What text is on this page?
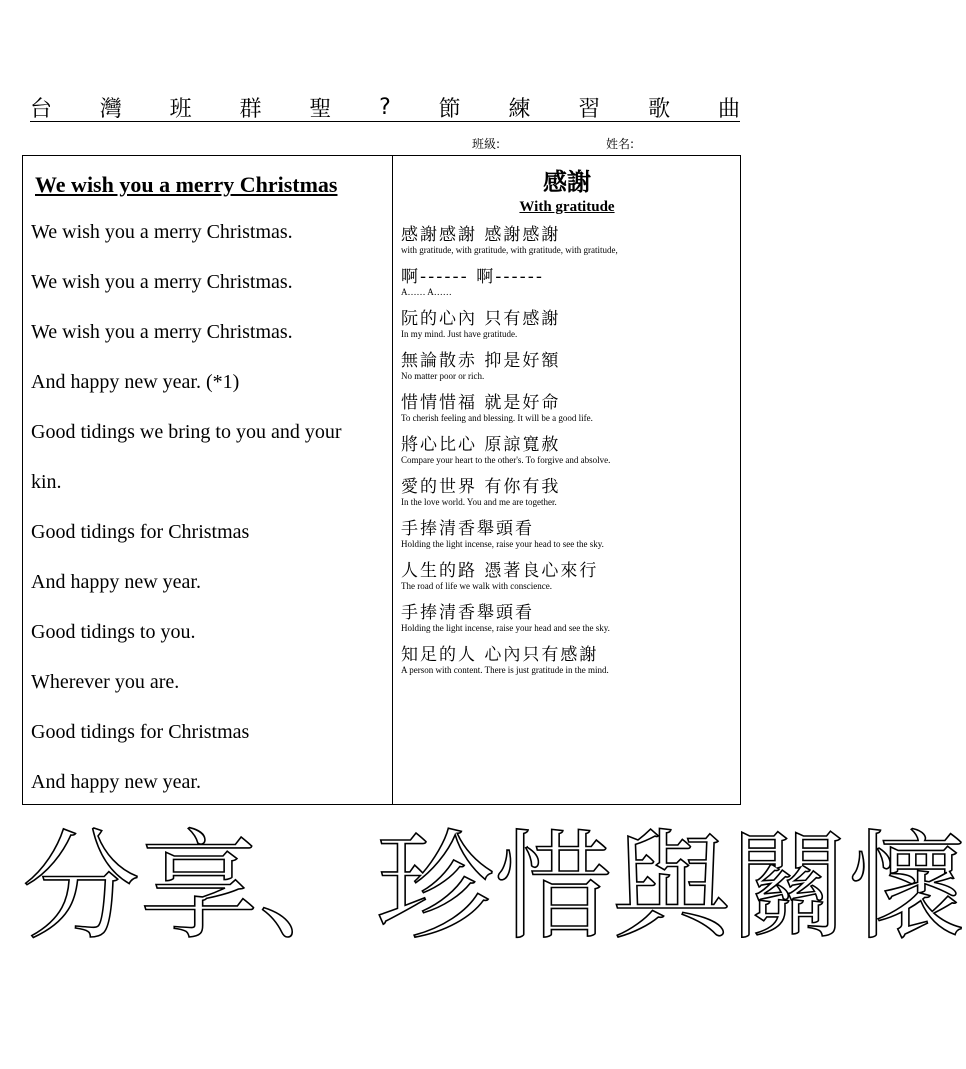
台 灣 班 群 聖 ? 節 練 習 歌 曲
班級:	姓名:
We wish you a merry Christmas
We wish you a merry Christmas.
We wish you a merry Christmas.
We wish you a merry Christmas.
And happy new year. (*1)
Good tidings we bring to you and your
kin.
Good tidings for Christmas
And happy new year.
Good tidings to you.
Wherever you are.
Good tidings for Christmas
And happy new year.
感謝
With gratitude
感謝感謝 感謝感謝
with gratitude, with gratitude, with gratitude, with gratitude,
啊------ 啊------
A…… A……
阮的心內 只有感謝
In my mind. Just have gratitude.
無論散赤 抑是好額
No matter poor or rich.
惜情惜福 就是好命
To cherish feeling and blessing. It will be a good life.
將心比心 原諒寬赦
Compare your heart to the other's. To forgive and absolve.
愛的世界 有你有我
In the love world. You and me are together.
手捧清香舉頭看
Holding the light incense, raise your head to see the sky.
人生的路 憑著良心來行
The road of life we walk with conscience.
手捧清香舉頭看
Holding the light incense, raise your head and see the sky.
知足的人 心內只有感謝
A person with content. There is just gratitude in the mind.
分 享 、 珍 惜 與 關 懷
